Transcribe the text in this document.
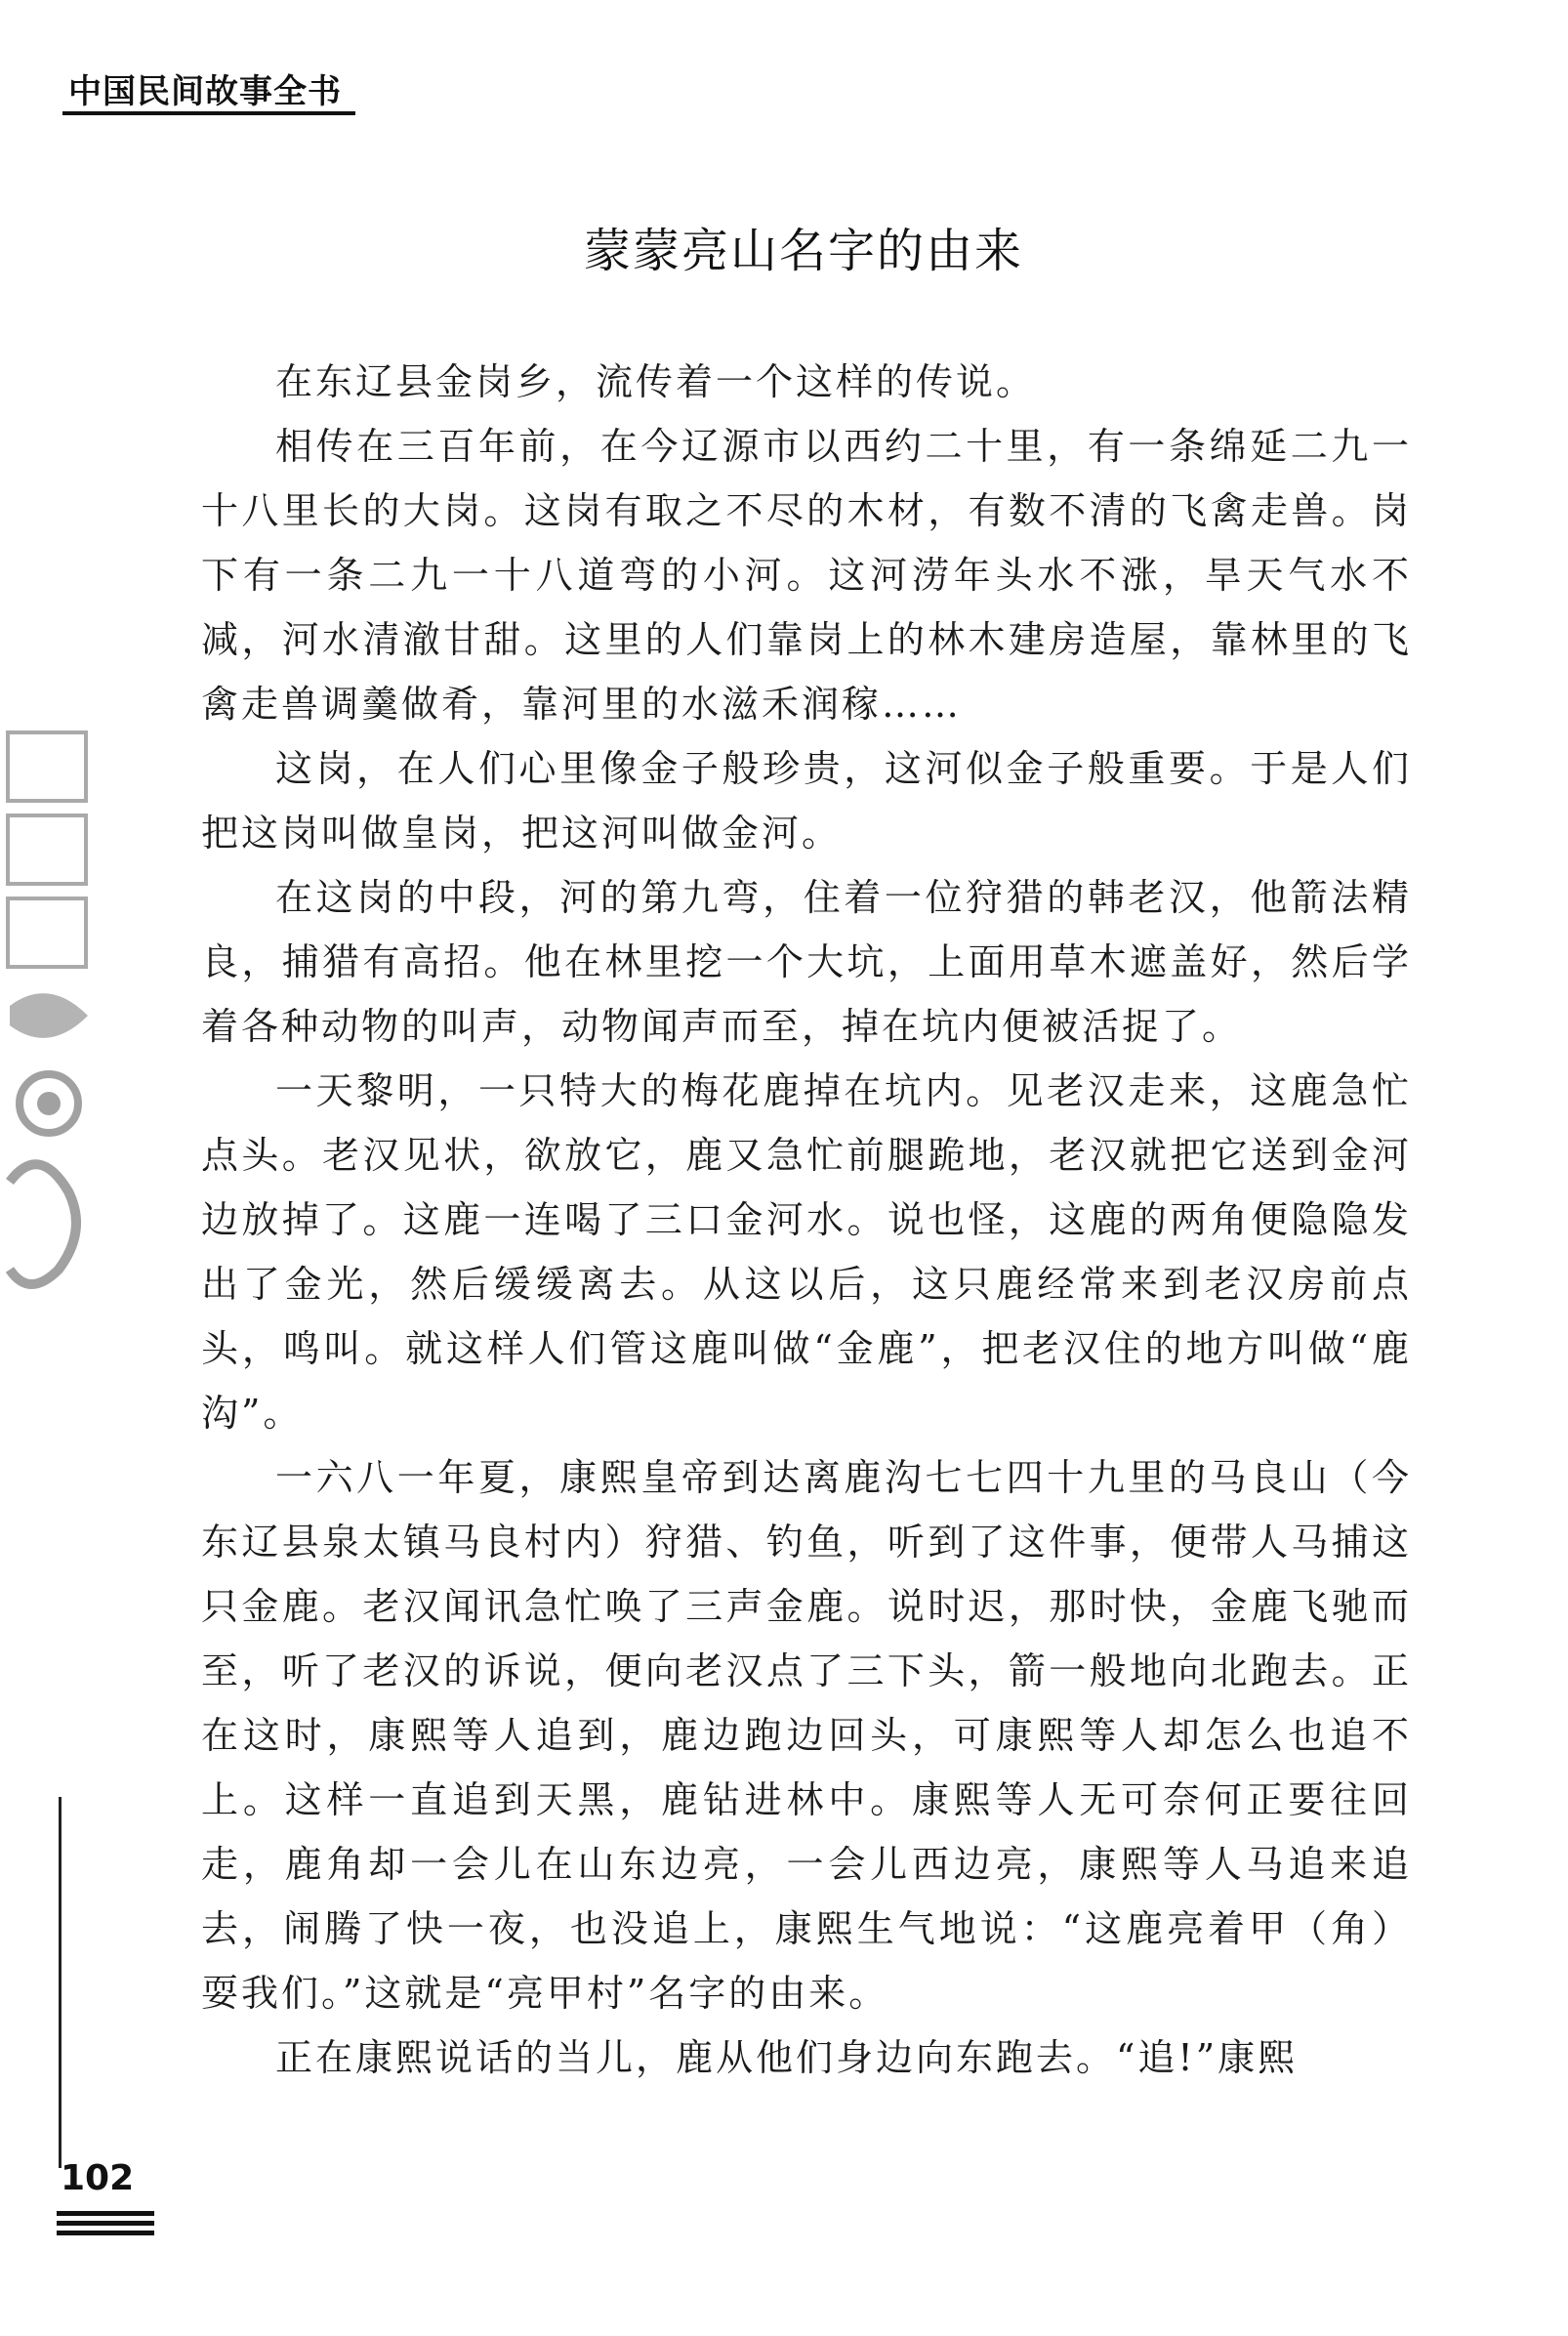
中国民间故事全书
蒙蒙亮山名字的由来

在东辽县金岗乡，流传着一个这样的传说。

相传在三百年前，在今辽源市以西约二十里，有一条绵延二九一十八里长的大岗。这岗有取之不尽的木材，有数不清的飞禽走兽。岗下有一条二九一十八道弯的小河。这河涝年头水不涨，旱天气水不减，河水清澈甘甜。这里的人们靠岗上的林木建房造屋，靠林里的飞禽走兽调羹做肴，靠河里的水滋禾润稼……

这岗，在人们心里像金子般珍贵，这河似金子般重要。于是人们把这岗叫做皇岗，把这河叫做金河。

在这岗的中段，河的第九弯，住着一位狩猎的韩老汉，他箭法精良，捕猎有高招。他在林里挖一个大坑，上面用草木遮盖好，然后学着各种动物的叫声，动物闻声而至，掉在坑内便被活捉了。

一天黎明，一只特大的梅花鹿掉在坑内。见老汉走来，这鹿急忙点头。老汉见状，欲放它，鹿又急忙前腿跪地，老汉就把它送到金河边放掉了。这鹿一连喝了三口金河水。说也怪，这鹿的两角便隐隐发出了金光，然后缓缓离去。从这以后，这只鹿经常来到老汉房前点头，鸣叫。就这样人们管这鹿叫做“金鹿”，把老汉住的地方叫做“鹿沟”。

一六八一年夏，康熙皇帝到达离鹿沟七七四十九里的马良山（今东辽县泉太镇马良村内）狩猎、钓鱼，听到了这件事，便带人马捕这只金鹿。老汉闻讯急忙唤了三声金鹿。说时迟，那时快，金鹿飞驰而至，听了老汉的诉说，便向老汉点了三下头，箭一般地向北跑去。正在这时，康熙等人追到，鹿边跑边回头，可康熙等人却怎么也追不上。这样一直追到天黑，鹿钻进林中。康熙等人无可奈何正要往回走，鹿角却一会儿在山东边亮，一会儿西边亮，康熙等人马追来追去，闹腾了快一夜，也没追上，康熙生气地说：“这鹿亮着甲（角）耍我们。”这就是“亮甲村”名字的由来。

正在康熙说话的当儿，鹿从他们身边向东跑去。“追!”康熙

102
